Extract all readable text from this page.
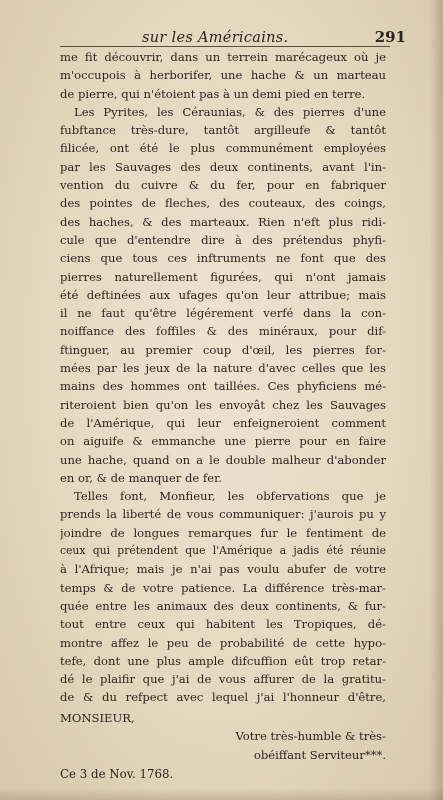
sur les Américains.	291
me fit découvrir, dans un terrein marécageux où je
m'occupois à herborifer, une hache & un marteau
de pierre, qui n'étoient pas à un demi pied en terre.
Les Pyrites, les Céraunias, & des pierres d'une
fubftance très-dure, tantôt argilleufe & tantôt
filicée, ont été le plus communément employées
par les Sauvages des deux continents, avant l'in-
vention du cuivre & du fer, pour en fabriquer
des pointes de fleches, des couteaux, des coings,
des haches, & des marteaux. Rien n'eft plus ridi-
cule que d'entendre dire à des prétendus phyfi-
ciens que tous ces inftruments ne font que des
pierres naturellement figurées, qui n'ont jamais
été deftinées aux ufages qu'on leur attribue; mais
il ne faut qu'être légérement verfé dans la con-
noiffance des foffiles & des minéraux, pour dif-
ftinguer, au premier coup d'œil, les pierres for-
mées par les jeux de la nature d'avec celles que les
mains des hommes ont taillées. Ces phyficiens mé-
riteroient bien qu'on les envoyât chez les Sauvages
de l'Amérique, qui leur enfeigneroient comment
on aiguife & emmanche une pierre pour en faire
une hache, quand on a le double malheur d'abonder
en or, & de manquer de fer.
Telles font, Monfieur, les obfervations que je
prends la liberté de vous communiquer: j'aurois pu y
joindre de longues remarques fur le fentiment de
ceux qui prétendent que l'Amérique a jadis été réunie
à l'Afrique; mais je n'ai pas voulu abufer de votre
temps & de votre patience. La différence très-mar-
quée entre les animaux des deux continents, & fur-
tout entre ceux qui habitent les Tropiques, dé-
montre affez le peu de probabilité de cette hypo-
tefe, dont une plus ample difcuffion eût trop retar-
dé le plaifir que j'ai de vous affurer de la gratitu-
de & du refpect avec lequel j'ai l'honneur d'être,
MONSIEUR,
Votre très-humble & très-
obéiffant Serviteur***.
Ce 3 de Nov. 1768.
